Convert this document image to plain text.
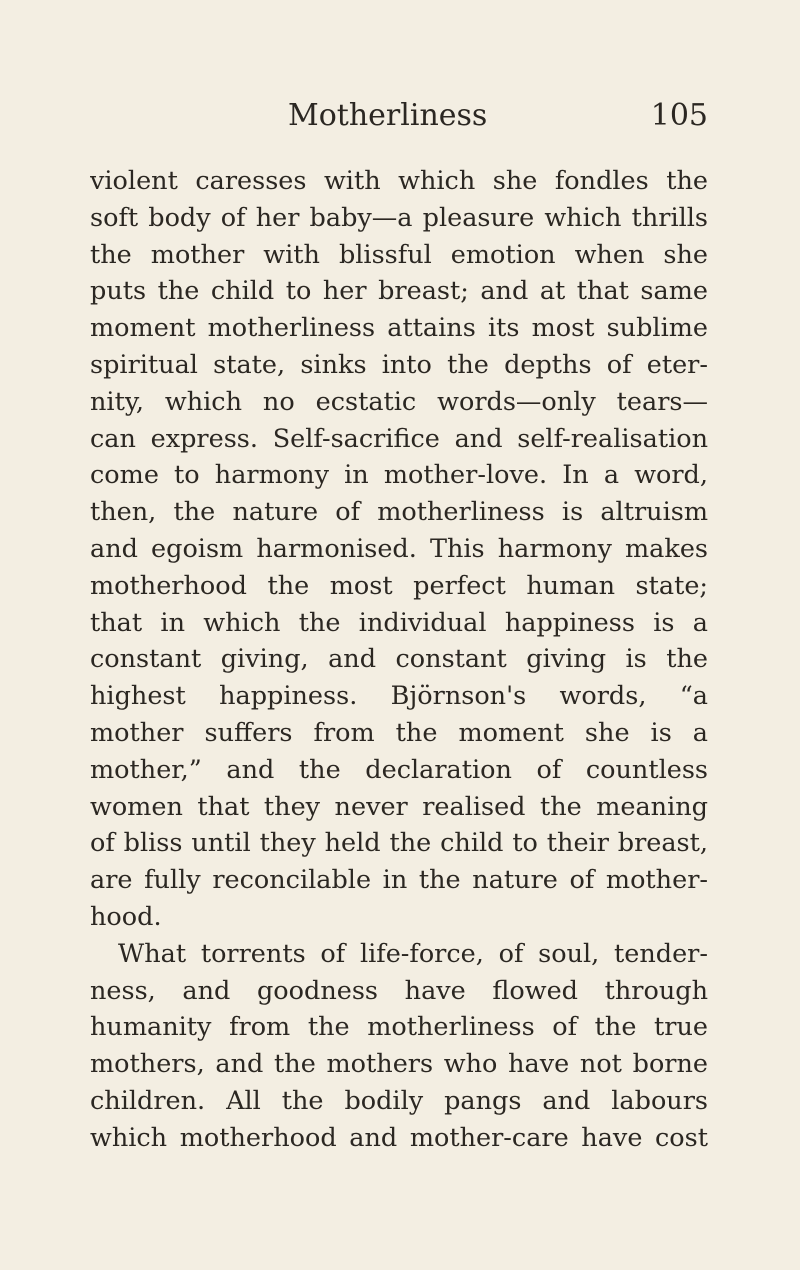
Motherliness	105
violent caresses with which she fondles the
soft body of her baby—a pleasure which thrills
the mother with blissful emotion when she
puts the child to her breast; and at that same
moment motherliness attains its most sublime
spiritual state, sinks into the depths of eter-
nity, which no ecstatic words—only tears—
can express. Self-sacrifice and self-realisation
come to harmony in mother-love. In a word,
then, the nature of motherliness is altruism
and egoism harmonised. This harmony makes
motherhood the most perfect human state;
that in which the individual happiness is a
constant giving, and constant giving is the
highest happiness. Björnson's words, “a
mother suffers from the moment she is a
mother,” and the declaration of countless
women that they never realised the meaning
of bliss until they held the child to their breast,
are fully reconcilable in the nature of mother-
hood.
What torrents of life-force, of soul, tender-
ness, and goodness have flowed through
humanity from the motherliness of the true
mothers, and the mothers who have not borne
children. All the bodily pangs and labours
which motherhood and mother-care have cost
